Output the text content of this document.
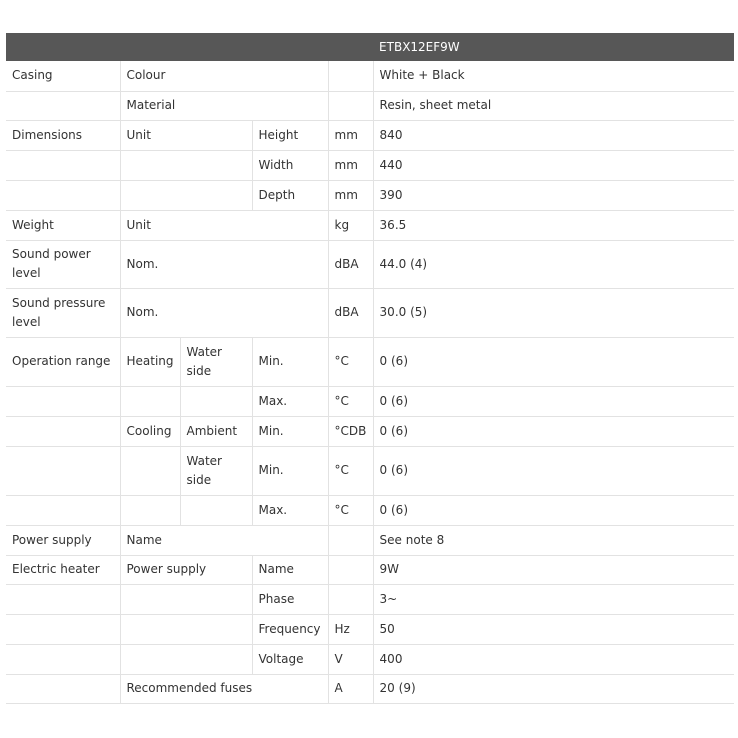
					ETBX12EF9W
Casing	Colour				White + Black
	Material				Resin, sheet metal
Dimensions	Unit		Height	mm	840
			Width	mm	440
			Depth	mm	390
Weight	Unit			kg	36.5
Sound power level	Nom.			dBA	44.0 (4)
Sound pressure level	Nom.			dBA	30.0 (5)
Operation range	Heating	Water side	Min.	°C	0 (6)
			Max.	°C	0 (6)
	Cooling	Ambient	Min.	°CDB	0 (6)
		Water side	Min.	°C	0 (6)
			Max.	°C	0 (6)
Power supply	Name				See note 8
Electric heater	Power supply		Name		9W
			Phase		3~
			Frequency	Hz	50
			Voltage	V	400
	Recommended fuses			A	20 (9)
